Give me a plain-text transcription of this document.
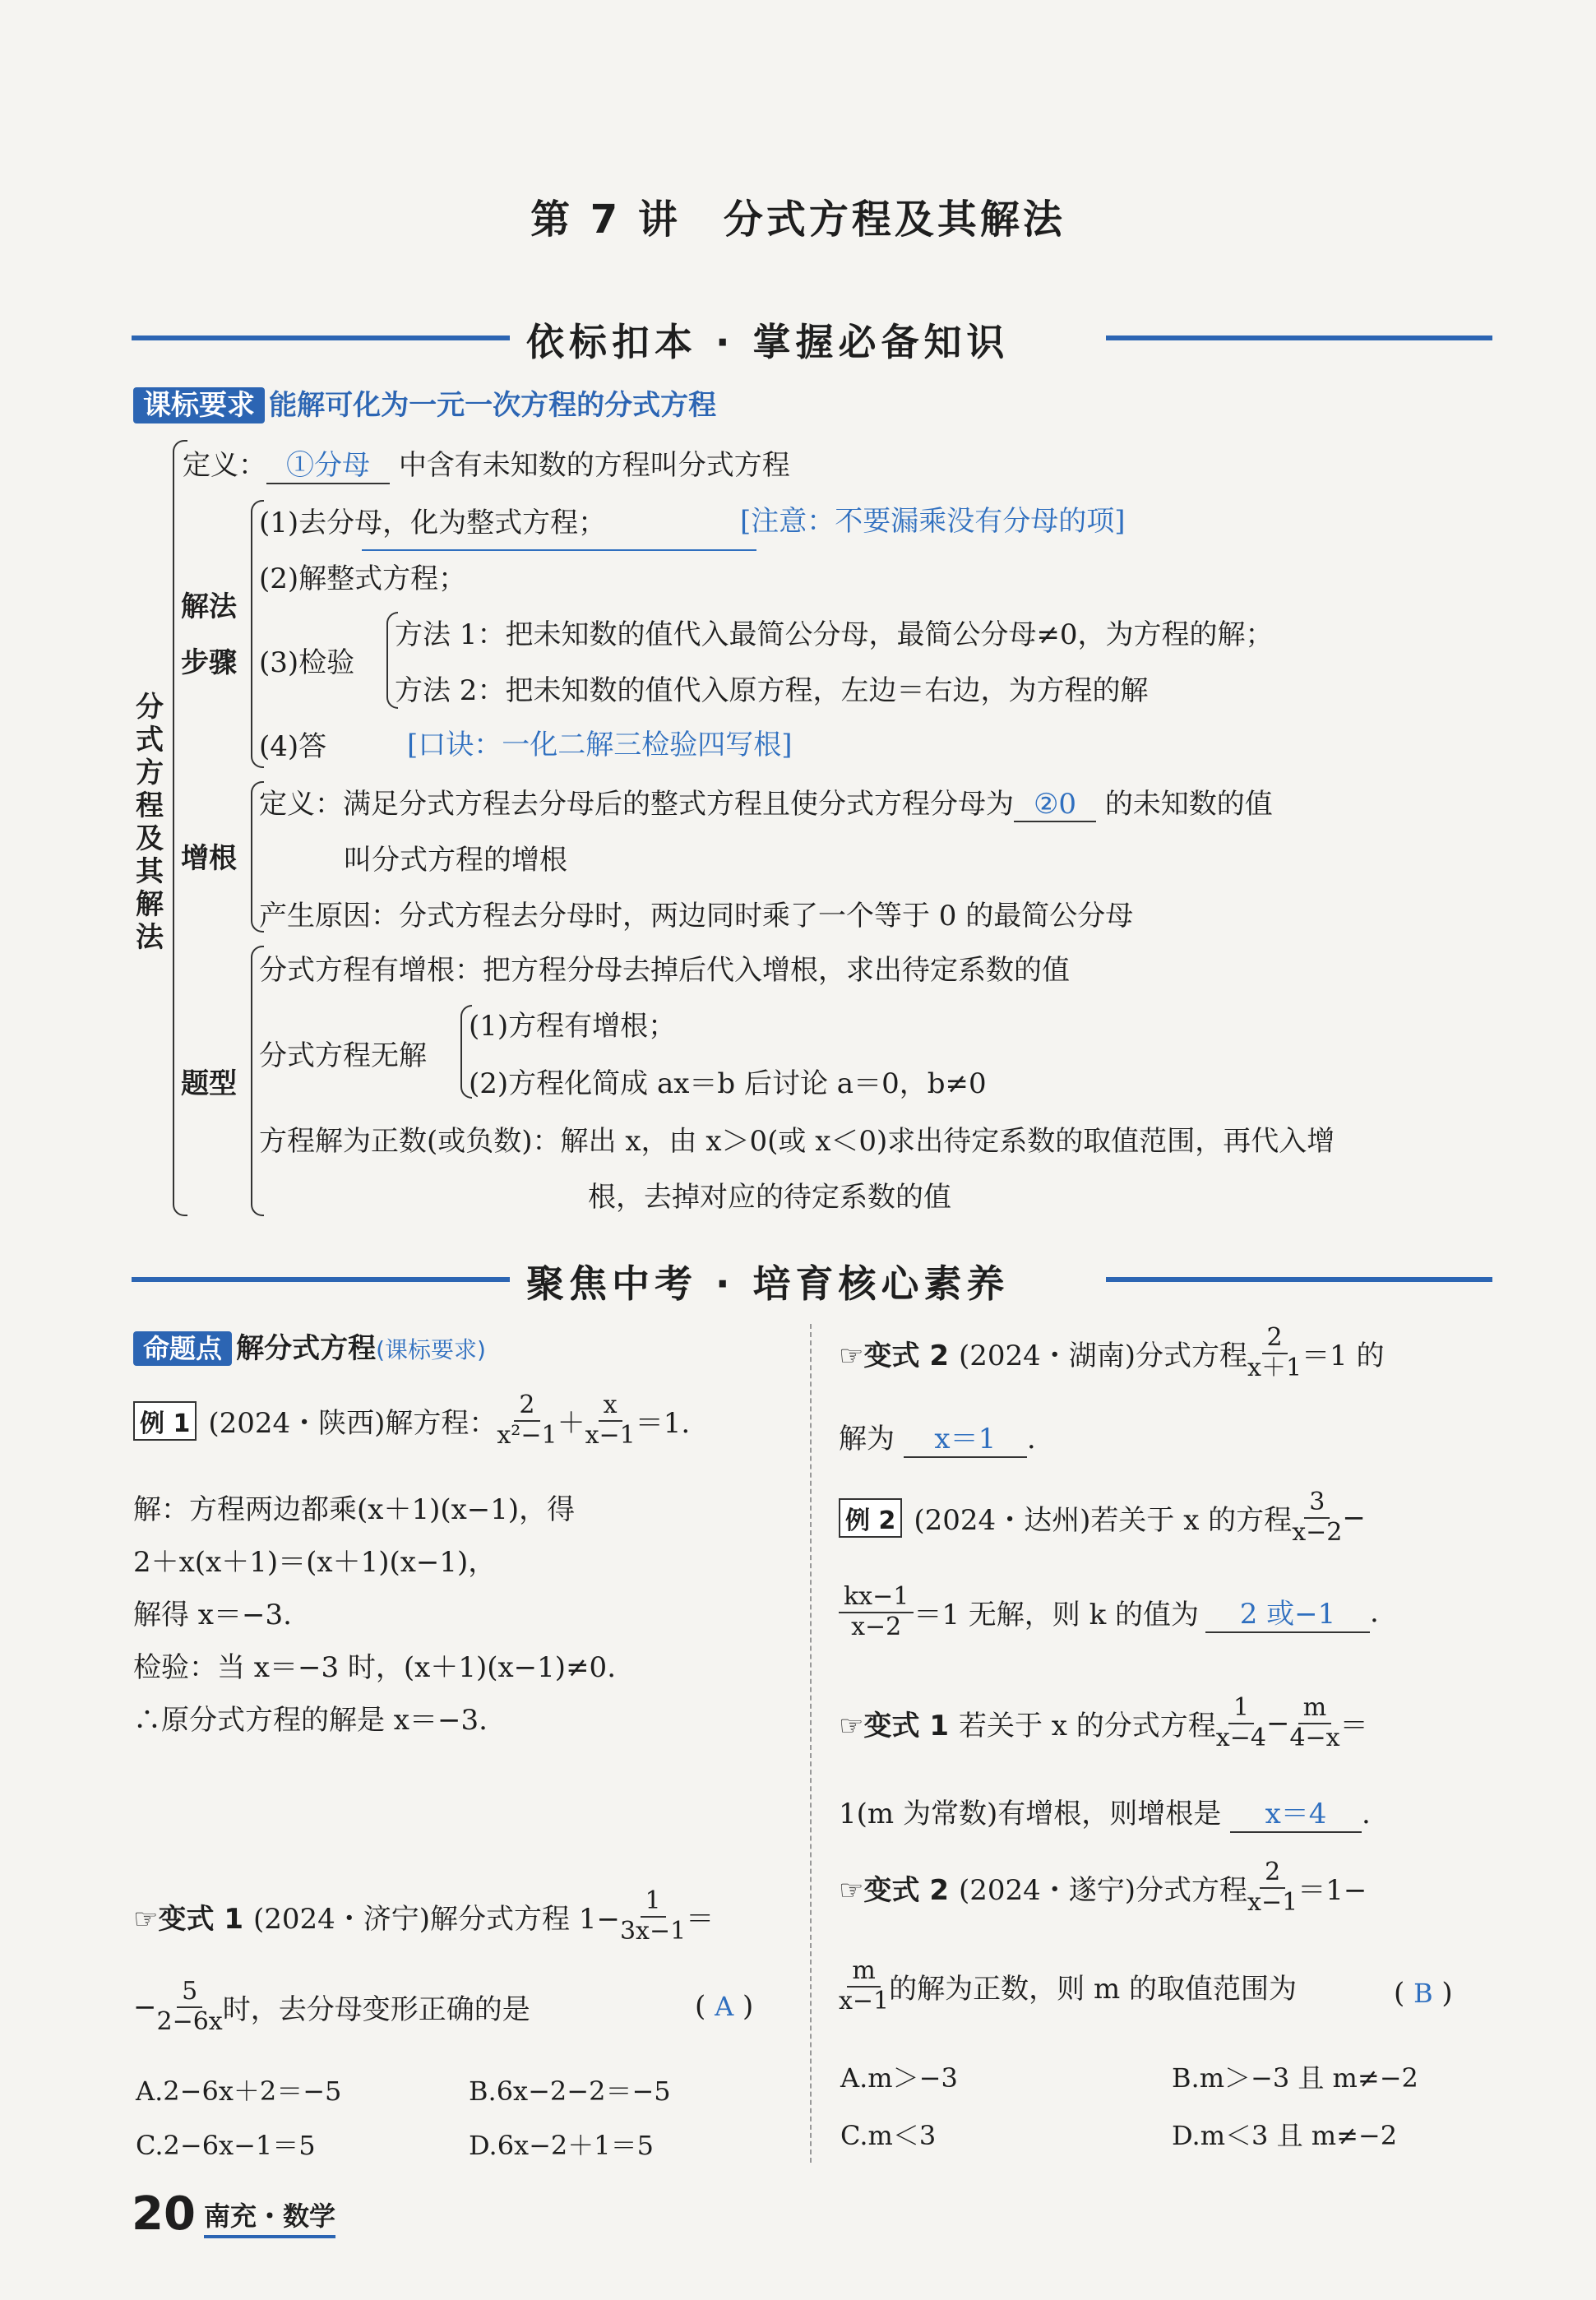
第 7 讲　分式方程及其解法
依标扣本 · 掌握必备知识
课标要求 能解可化为一元一次方程的分式方程
分式方程及其解法
定义： ①分母 中含有未知数的方程叫分式方程
解法
步骤
(1)去分母，化为整式方程；	[注意：不要漏乘没有分母的项]
(2)解整式方程；
(3)检验
方法 1：把未知数的值代入最简公分母，最简公分母≠0，为方程的解；
方法 2：把未知数的值代入原方程，左边＝右边，为方程的解
(4)答	[口诀：一化二解三检验四写根]
增根
定义：满足分式方程去分母后的整式方程且使分式方程分母为 ②0 的未知数的值
叫分式方程的增根
产生原因：分式方程去分母时，两边同时乘了一个等于 0 的最简公分母
题型
分式方程有增根：把方程分母去掉后代入增根，求出待定系数的值
分式方程无解
(1)方程有增根；
(2)方程化简成 ax＝b 后讨论 a＝0，b≠0
方程解为正数(或负数)：解出 x，由 x＞0(或 x＜0)求出待定系数的取值范围，再代入增
根，去掉对应的待定系数的值
聚焦中考 · 培育核心素养
命题点 解分式方程(课标要求)
例 1 (2024・陕西)解方程： $\frac{2}{\text{x²−1}} + \frac{x}{x-1} =1$.
解：方程两边都乘(x＋1)(x−1)，得
2＋x(x＋1)＝(x＋1)(x−1)，
解得 x＝−3.
检验：当 x＝−3 时，(x＋1)(x−1)≠0.
∴原分式方程的解是 x＝−3.
☞变式 1 (2024・济宁)解分式方程 $1- \frac{1}{3x-1}$ ＝
− $\frac{5}{2-6x}$ 时，去分母变形正确的是	( A )
A.2−6x＋2＝−5	B.6x−2−2＝−5
C.2−6x−1＝5	D.6x−2＋1＝5
☞变式 2 (2024・湖南)分式方程 $\frac{2}{x+1} =1$ 的
解为 x＝1 .
例 2 (2024・达州)若关于 x 的方程 $\frac{3}{x-2}$ −
$\frac{kx-1}{x-2} =1$ 无解，则 k 的值为	2 或−1	.
☞变式 1 若关于 x 的分式方程 $\frac{1}{x-4} - \frac{m}{4-x}$ ＝
1(m 为常数)有增根，则增根是 x＝4 .
☞变式 2 (2024・遂宁)分式方程 $\frac{2}{x-1} =1-$
$\frac{m}{x-1}$ 的解为正数，则 m 的取值范围为	( B )
A.m＞−3	B.m＞−3 且 m≠−2
C.m＜3	D.m＜3 且 m≠−2
20 南充・数学
